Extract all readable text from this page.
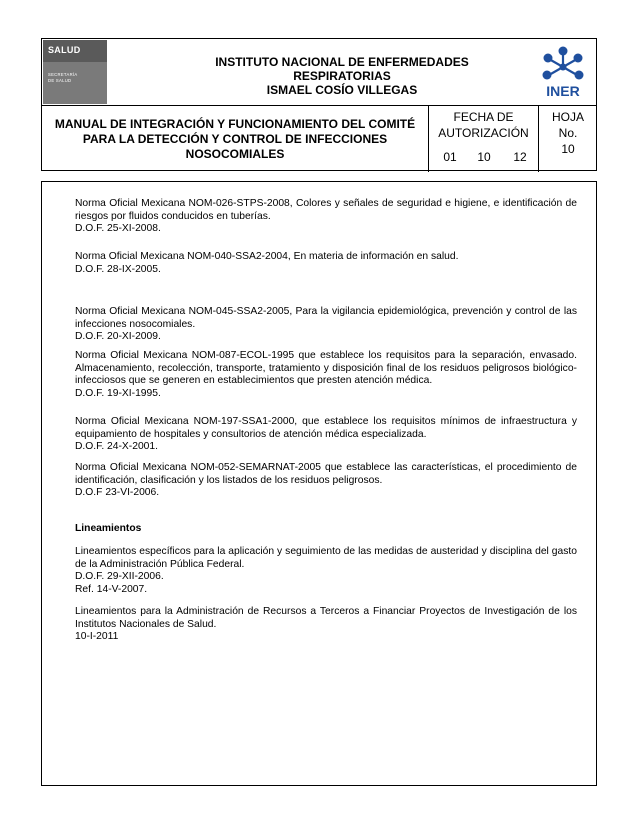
SALUD
SECRETARÍA
DE SALUD
INSTITUTO NACIONAL DE ENFERMEDADES
RESPIRATORIAS
ISMAEL COSÍO VILLEGAS	INER
MANUAL DE INTEGRACIÓN Y FUNCIONAMIENTO DEL COMITÉ
PARA LA DETECCIÓN Y CONTROL DE INFECCIONES
NOSOCOMIALES
FECHA DE
AUTORIZACIÓN
01	10	12
HOJA
No.
10

Norma Oficial Mexicana NOM-026-STPS-2008, Colores y señales de seguridad e higiene, e identificación de riesgos por fluidos conducidos en tuberías.
D.O.F. 25-XI-2008.

Norma Oficial Mexicana NOM-040-SSA2-2004, En materia de información en salud.
D.O.F. 28-IX-2005.

Norma Oficial Mexicana NOM-045-SSA2-2005, Para la vigilancia epidemiológica, prevención y control de las infecciones nosocomiales.
D.O.F. 20-XI-2009.

Norma Oficial Mexicana NOM-087-ECOL-1995 que establece los requisitos para la separación, envasado. Almacenamiento, recolección, transporte, tratamiento y disposición final de los residuos peligrosos biológico-infecciosos que se generen en establecimientos que presten atención médica.
D.O.F. 19-XI-1995.

Norma Oficial Mexicana NOM-197-SSA1-2000, que establece los requisitos mínimos de infraestructura y equipamiento de hospitales y consultorios de atención médica especializada.
D.O.F. 24-X-2001.

Norma Oficial Mexicana NOM-052-SEMARNAT-2005 que establece las características, el procedimiento de identificación, clasificación y los listados de los residuos peligrosos.
D.O.F 23-VI-2006.

Lineamientos

Lineamientos específicos para la aplicación y seguimiento de las medidas de austeridad y disciplina del gasto de la Administración Pública Federal.
D.O.F. 29-XII-2006.
Ref. 14-V-2007.

Lineamientos para la Administración de Recursos a Terceros a Financiar Proyectos de Investigación de los Institutos Nacionales de Salud.
10-I-2011
